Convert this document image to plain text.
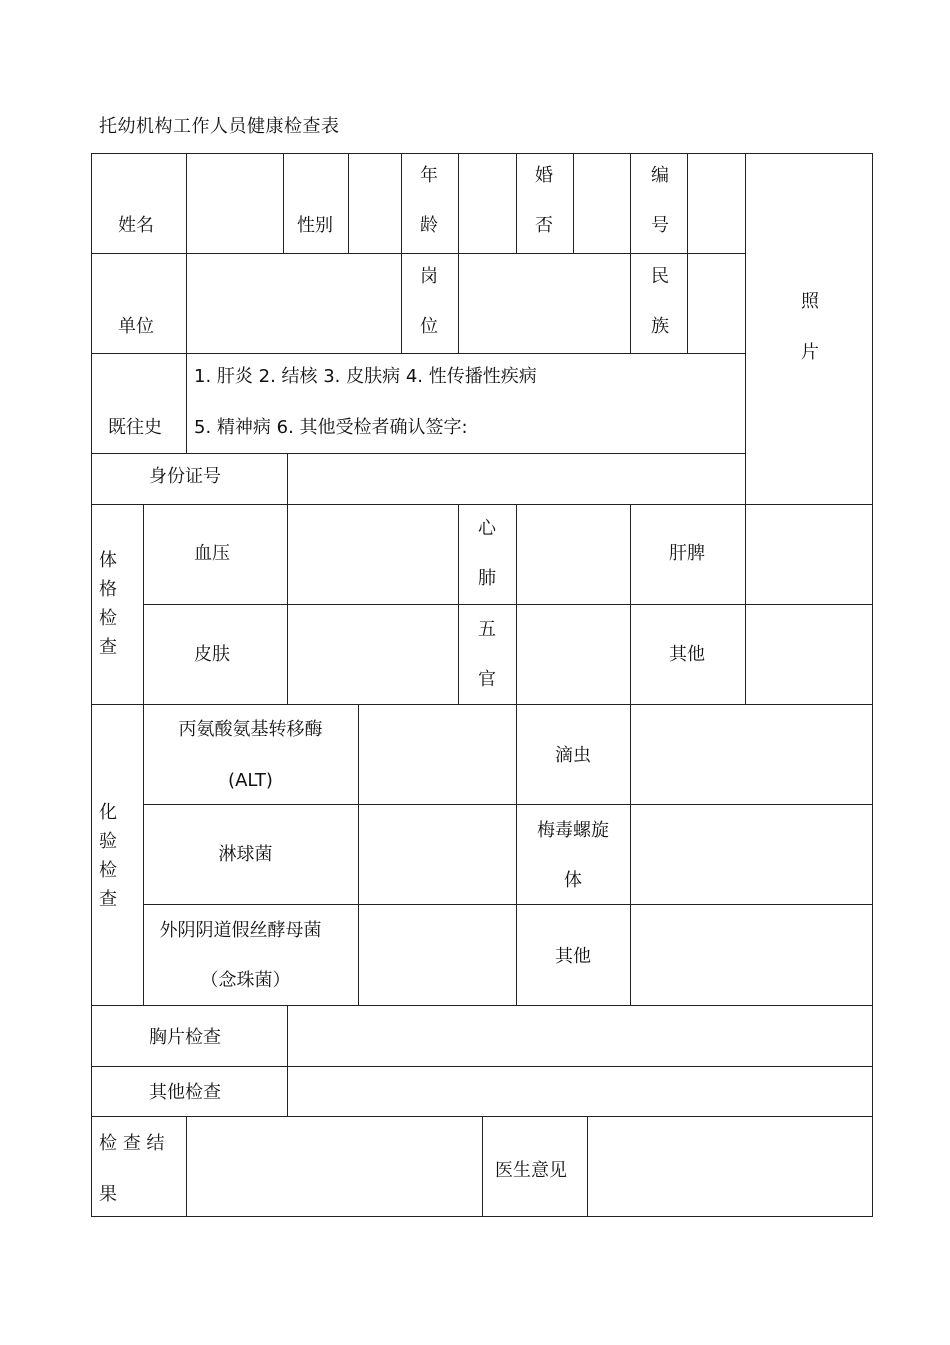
托幼机构工作人员健康检查表
姓名	性别
年
龄
婚
否
编
号
照
片
单位
岗
位
民
族
既往史
1. 肝炎 2. 结核 3. 皮肤病 4. 性传播性疾病
5. 精神病 6. 其他受检者确认签字:
身份证号
体
格
检
查
血压
心
肺
肝脾
皮肤
五
官
其他
化
验
检
查
丙氨酸氨基转移酶
(ALT)
滴虫
淋球菌
梅毒螺旋
体
外阴阴道假丝酵母菌
（念珠菌）
其他
胸片检查
其他检查
检 查 结
果
医生意见
